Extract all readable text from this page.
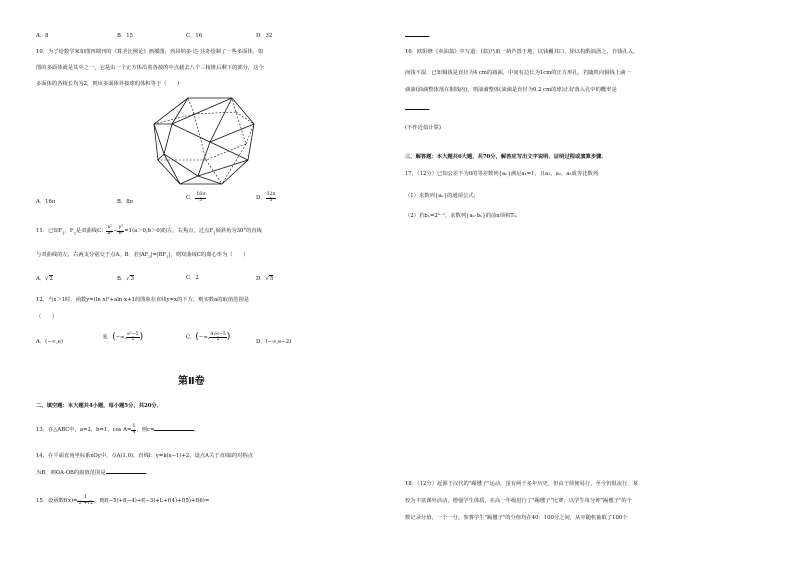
A．8	B．15	C．16	D．32
10．为了给数学家如图四期刊的《算圣比例论》画插图，列昂纳多·达·芬奇绘制了一些多面体，如
图的多面体就是其中之一，它是由一个正方体沿着各棱的中点截去八个三棱锥后剩下的部分，这个
多面体的各棱长均为2，则该多面体外接球的体积等于（　　）
A．16π	B．8π
C． $\frac{16\pi}{3}$	D． $\frac{32\pi}{3}$
11．已知$F_1$，$F_2$是双曲线C： $\frac{\text{x²}}{\text{a²}} - \frac{\text{y²}}{\text{b²}} =1(a>0,b>0)$的左，右焦点，过点$F_1$倾斜角为30°的直线
与双曲线的左，右两支分别交于点A，B．若$|AF_2|=|BF_2|$，则双曲线C的离心率为（　　）
A．√2	B．√3	C．2	D．√5
12．当x＞1时，函数y=(ln x)²+aln x+1的图象在直线y=x的下方，则实数a的取值范围是
（　　）
A．(−∞,e)
B．(−∞, $\frac{\text{e²−5}}{2}$ )	C．(−∞, $\frac{4√e-5}{2}$ )	D．(−∞,e−2)
第Ⅱ卷
二、填空题：本大题共4小题，每小题5分，共20分．
13．在△ABC中，a=2，b=1，$\cos A= \frac{1}{4}$ ，则c=	．
14．在平面直角坐标系xOy中，点A(1,0)，直线l：y=k(x−1)+2，设点A关于直线l的对称点
为B，则OA·OB的取值范围是	．
15．设函数$f(x)= \frac{1}{\text{2ˣ+√2}}$ ，则f(−5)+f(−4)+f(−3)+L+f(4)+f(5)+f(6)=
．
16．欧阳修《卖油翁》中写道：(翁)乃取一葫芦置于地，以钱覆其口，徐以杓酌油沥之，自钱孔入，
而钱不湿．已知铜钱是直径为4 cm的圆面，中间有边长为1cm的正方形孔，若随机向铜钱上滴一
滴油(油滴整体落在铜钱内)，则油滴整体(油滴是直径为0.2 cm的球)正好落入孔中的概率是
．
(不作近似计算)
三、解答题：本大题共6大题，共70分，解答应写出文字说明、证明过程或演算步骤．
17．（12分）已知公差不为0的等差数列{aₙ}满足a₁=1，且a₁，a₂，a₅成等比数列．
（1）求数列{aₙ}的通项公式；
（2）若bₙ=2ⁿ⁻¹，求数列{aₙ·bₙ}的前n项和Tₙ．
18．（12分）起源于汉代的"踢毽子"运动，虽有两千多年历史，但由于简便易行，至今仍很流行．某
校为丰富课外活动，增强学生体质，在高一年级进行了"踢毽子"比赛，以学生每分钟"踢毽子"的个
数记录分值，一个一分，参赛学生"踢毽子"的分值均在40：100分之间，从中随机抽取了100个
